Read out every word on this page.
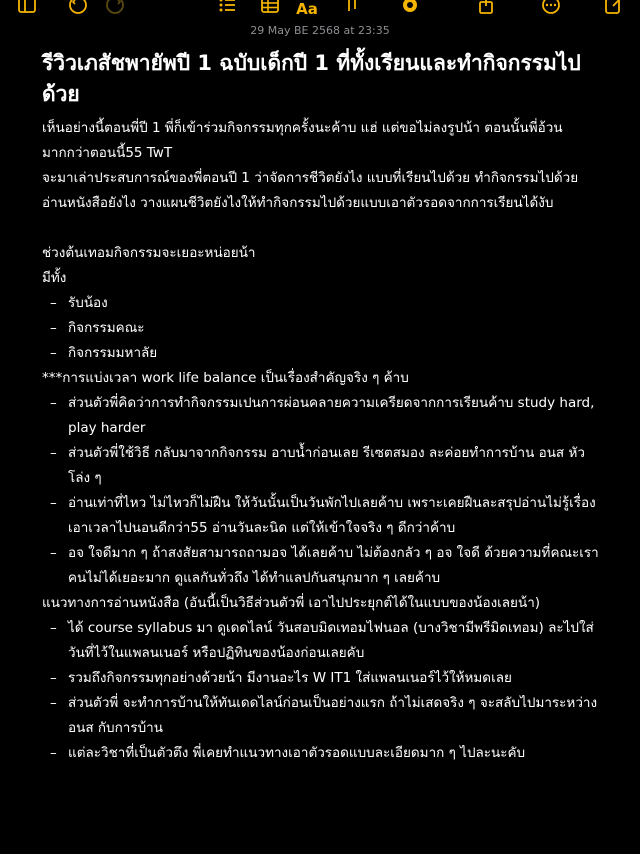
Aa
29 May BE 2568 at 23:35
รีวิวเภสัชพายัพปี 1 ฉบับเด็กปี 1 ที่ทั้งเรียนและทำกิจกรรมไปด้วย
เห็นอย่างนี้ตอนพี่ปี 1 พี่ก็เข้าร่วมกิจกรรมทุกครั้งนะค้าบ แฮ่ แต่ขอไม่ลงรูปน้า ตอนนั้นพี่อ้วนมากกว่าตอนนี้55 TwT
จะมาเล่าประสบการณ์ของพี่ตอนปี 1 ว่าจัดการชีวิตยังไง แบบที่เรียนไปด้วย ทำกิจกรรมไปด้วย อ่านหนังสือยังไง วางแผนชีวิตยังไงให้ทำกิจกรรมไปด้วยแบบเอาตัวรอดจากการเรียนได้งับ
ช่วงต้นเทอมกิจกรรมจะเยอะหน่อยน้า
มีทั้ง
– รับน้อง
– กิจกรรมคณะ
– กิจกรรมมหาลัย
***การแบ่งเวลา work life balance เป็นเรื่องสำคัญจริง ๆ ค้าบ
– ส่วนตัวพี่คิดว่าการทำกิจกรรมเปนการผ่อนคลายความเครียดจากการเรียนค้าบ study hard, play harder
– ส่วนตัวพี่ใช้วิธี กลับมาจากกิจกรรม อาบน้ำก่อนเลย รีเซตสมอง ละค่อยทำการบ้าน อนส หัวโล่ง ๆ
– อ่านเท่าที่ไหว ไม่ไหวก็ไม่ฝืน ให้วันนั้นเป็นวันพักไปเลยค้าบ เพราะเคยฝืนละสรุปอ่านไม่รู้เรื่อง เอาเวลาไปนอนดีกว่า55 อ่านวันละนิด แต่ให้เข้าใจจริง ๆ ดีกว่าค้าบ
– อจ ใจดีมาก ๆ ถ้าสงสัยสามารถถามอจ ได้เลยค้าบ ไม่ต้องกลัว ๆ อจ ใจดี ด้วยความที่คณะเราคนไม่ได้เยอะมาก ดูแลกันทั่วถึง ได้ทำแลปกันสนุกมาก ๆ เลยค้าบ
แนวทางการอ่านหนังสือ (อันนี้เป็นวิธีส่วนตัวพี่ เอาไปประยุกต์ได้ในแบบของน้องเลยน้า)
– ได้ course syllabus มา ดูเดดไลน์ วันสอบมิดเทอมไฟนอล (บางวิชามีพรีมิดเทอม) ละไปใส่วันที่ไว้ในแพลนเนอร์ หรือปฏิทินของน้องก่อนเลยคับ
– รวมถึงกิจกรรมทุกอย่างด้วยน้า มีงานอะไร W IT1 ใส่แพลนเนอร์ไว้ให้หมดเลย
– ส่วนตัวพี่ จะทำการบ้านให้ทันเดดไลน์ก่อนเป็นอย่างแรก ถ้าไม่เสดจริง ๆ จะสลับไปมาระหว่าง อนส กับการบ้าน
– แต่ละวิชาที่เป็นตัวตึง พี่เคยทำแนวทางเอาตัวรอดแบบละเอียดมาก ๆ ไปละนะคับ
